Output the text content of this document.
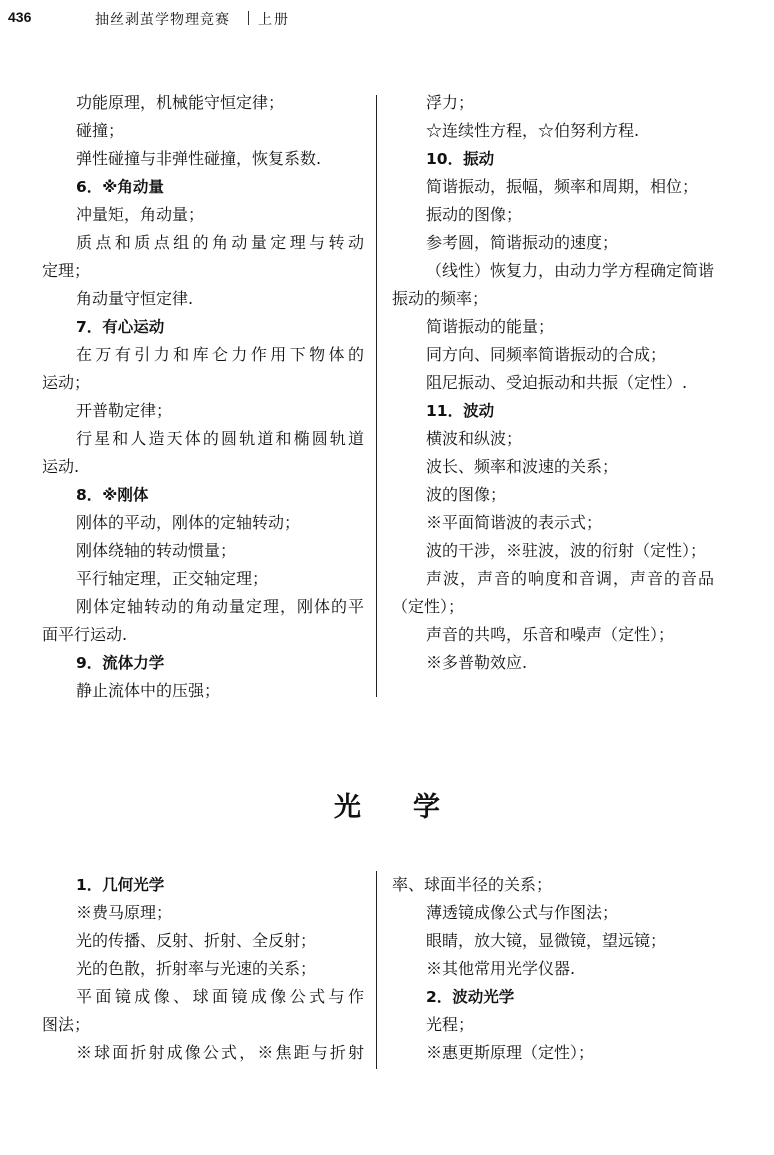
436	抽丝剥茧学物理竞赛 上册
功能原理，机械能守恒定律；
碰撞；
弹性碰撞与非弹性碰撞，恢复系数.
6．※角动量
冲量矩，角动量；
质点和质点组的角动量定理与转动
定理；
角动量守恒定律.
7．有心运动
在万有引力和库仑力作用下物体的
运动；
开普勒定律；
行星和人造天体的圆轨道和椭圆轨道
运动.
8．※刚体
刚体的平动，刚体的定轴转动；
刚体绕轴的转动惯量；
平行轴定理，正交轴定理；
刚体定轴转动的角动量定理，刚体的平
面平行运动.
9．流体力学
静止流体中的压强；
浮力；
☆连续性方程，☆伯努利方程.
10．振动
简谐振动，振幅，频率和周期，相位；
振动的图像；
参考圆，简谐振动的速度；
（线性）恢复力，由动力学方程确定简谐
振动的频率；
简谐振动的能量；
同方向、同频率简谐振动的合成；
阻尼振动、受迫振动和共振（定性）.
11．波动
横波和纵波；
波长、频率和波速的关系；
波的图像；
※平面简谐波的表示式；
波的干涉，※驻波，波的衍射（定性）；
声波，声音的响度和音调，声音的音品
（定性）；
声音的共鸣，乐音和噪声（定性）；
※多普勒效应.
光 学
1．几何光学
※费马原理；
光的传播、反射、折射、全反射；
光的色散，折射率与光速的关系；
平面镜成像、球面镜成像公式与作
图法；
※球面折射成像公式，※焦距与折射
率、球面半径的关系；
薄透镜成像公式与作图法；
眼睛，放大镜，显微镜，望远镜；
※其他常用光学仪器.
2．波动光学
光程；
※惠更斯原理（定性）；
